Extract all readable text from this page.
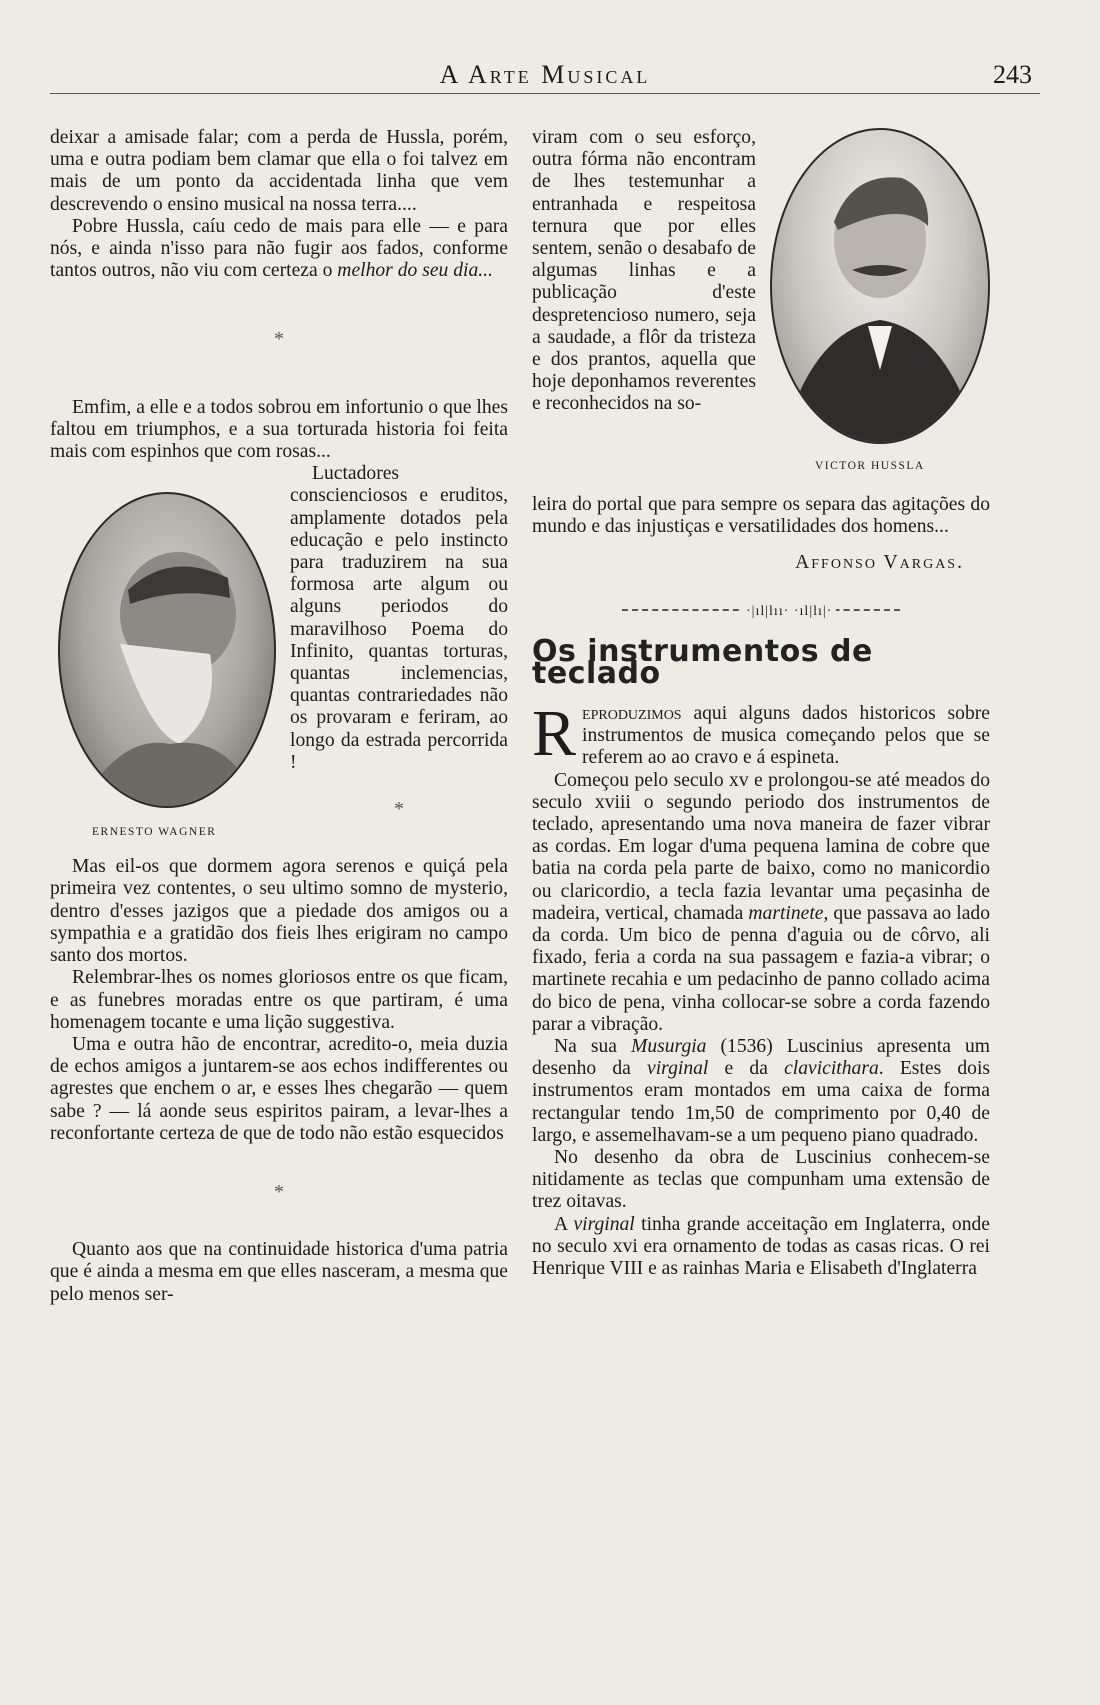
A Arte Musical	243

deixar a amisade falar; com a perda de Hussla, porém, uma e outra podiam bem clamar que ella o foi talvez em mais de um ponto da accidentada linha que vem descrevendo o ensino musical na nossa terra....

Pobre Hussla, caíu cedo de mais para elle — e para nós, e ainda n'isso para não fugir aos fados, conforme tantos outros, não viu com certeza o melhor do seu dia...

*

Emfim, a elle e a todos sobrou em infortunio o que lhes faltou em triumphos, e a sua torturada historia foi feita mais com espinhos que com rosas...

Luctadores conscienciosos e eruditos, amplamente dotados pela educação e pelo instincto para traduzirem na sua formosa arte algum ou alguns periodos do maravilhoso Poema do Infinito, quantas torturas, quantas inclemencias, quantas contrariedades não os provaram e feriram, ao longo da estrada percorrida !

*

Mas eil-os que dormem agora serenos e quiçá pela primeira vez contentes, o seu ultimo somno de mysterio, dentro d'esses jazigos que a piedade dos amigos ou a sympathia e a gratidão dos fieis lhes erigiram no campo santo dos mortos.

Relembrar-lhes os nomes gloriosos entre os que ficam, e as funebres moradas entre os que partiram, é uma homenagem tocante e uma lição suggestiva.

Uma e outra hão de encontrar, acredito-o, meia duzia de echos amigos a juntarem-se aos echos indifferentes ou agrestes que enchem o ar, e esses lhes chegarão — quem sabe ? — lá aonde seus espiritos pairam, a levar-lhes a reconfortante certeza de que de todo não estão esquecidos

*

Quanto aos que na continuidade historica d'uma patria que é ainda a mesma em que elles nasceram, a mesma que pelo menos ser-

ERNESTO WAGNER
VICTOR HUSSLA

viram com o seu esforço, outra fórma não encontram de lhes testemunhar a entranhada e respeitosa ternura que por elles sentem, senão o desabafo de algumas linhas e a publicação d'este despretencioso numero, seja a saudade, a flôr da tristeza e dos prantos, aquella que hoje deponhamos reverentes e reconhecidos na so-

leira do portal que para sempre os separa das agitações do mundo e das injustiças e versatilidades dos homens...

Affonso Vargas.
·|ıl|lıı· ·ıl|lı|·
Os instrumentos de teclado

Reproduzimos aqui alguns dados historicos sobre instrumentos de musica começando pelos que se referem ao ao cravo e á espineta.

Começou pelo seculo xv e prolongou-se até meados do seculo xviii o segundo periodo dos instrumentos de teclado, apresentando uma nova maneira de fazer vibrar as cordas. Em logar d'uma pequena lamina de cobre que batia na corda pela parte de baixo, como no manicordio ou claricordio, a tecla fazia levantar uma peçasinha de madeira, vertical, chamada martinete, que passava ao lado da corda. Um bico de penna d'aguia ou de côrvo, ali fixado, feria a corda na sua passagem e fazia-a vibrar; o martinete recahia e um pedacinho de panno collado acima do bico de pena, vinha collocar-se sobre a corda fazendo parar a vibração.

Na sua Musurgia (1536) Luscinius apresenta um desenho da virginal e da clavicithara. Estes dois instrumentos eram montados em uma caixa de forma rectangular tendo 1m,50 de comprimento por 0,40 de largo, e assemelhavam-se a um pequeno piano quadrado.

No desenho da obra de Luscinius conhecem-se nitidamente as teclas que compunham uma extensão de trez oitavas.

A virginal tinha grande acceitação em Inglaterra, onde no seculo xvi era ornamento de todas as casas ricas. O rei Henrique VIII e as rainhas Maria e Elisabeth d'Inglaterra
